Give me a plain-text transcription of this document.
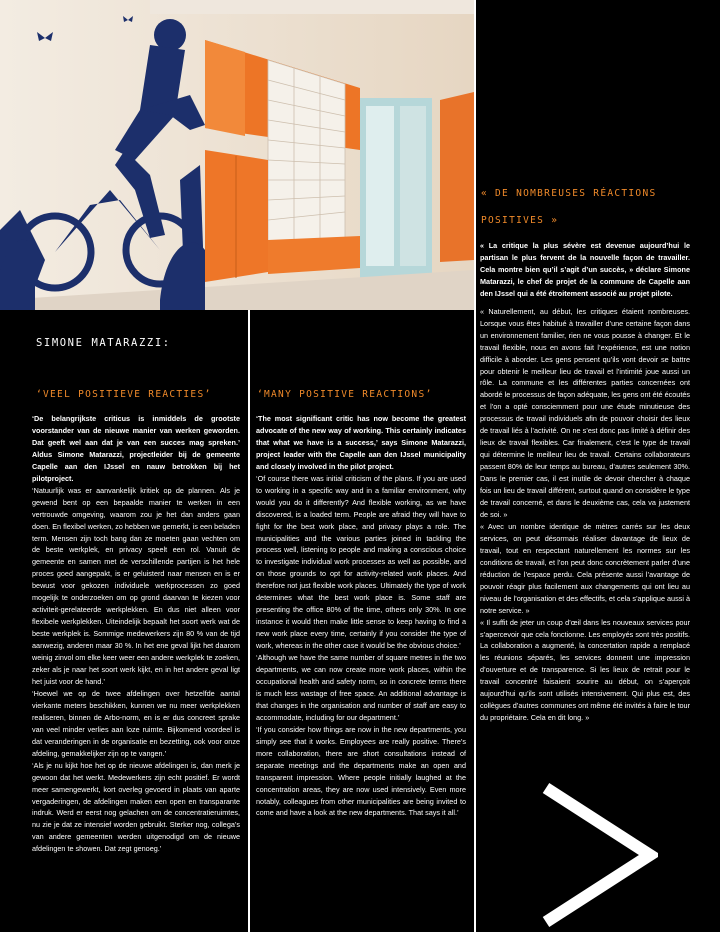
SIMONE MATARAZZI:
‘VEEL POSITIEVE REACTIES’

‘De belangrijkste criticus is inmiddels de grootste voorstander van de nieuwe manier van werken geworden. Dat geeft wel aan dat je van een succes mag spreken.’ Aldus Simone Matarazzi, projectleider bij de gemeente Capelle aan den IJssel en nauw betrokken bij het pilotproject.

‘Natuurlijk was er aanvankelijk kritiek op de plannen. Als je gewend bent op een bepaalde manier te werken in een vertrouwde omgeving, waarom zou je het dan anders gaan doen. En flexibel werken, zo hebben we gemerkt, is een beladen term. Mensen zijn toch bang dan ze moeten gaan vechten om de beste werkplek, en privacy speelt een rol. Vanuit de gemeente en samen met de verschillende partijen is het hele proces goed aangepakt, is er geluisterd naar mensen en is er bewust voor gekozen individuele werkprocessen zo goed mogelijk te onderzoeken om op grond daarvan te kiezen voor activiteit-gerelateerde werkplekken. En dus niet alleen voor flexibele werkplekken. Uiteindelijk bepaalt het soort werk wat de beste werkplek is. Sommige medewerkers zijn 80 % van de tijd aanwezig, anderen maar 30 %. In het ene geval lijkt het daarom weinig zinvol om elke keer weer een andere werkplek te zoeken, zeker als je naar het soort werk kijkt, en in het andere geval ligt het juist voor de hand.’

‘Hoewel we op de twee afdelingen over hetzelfde aantal vierkante meters beschikken, kunnen we nu meer werkplekken realiseren, binnen de Arbo-norm, en is er dus concreet sprake van veel minder verlies aan loze ruimte. Bijkomend voordeel is dat veranderingen in de organisatie en bezetting, ook voor onze afdeling, gemakkelijker zijn op te vangen.’

‘Als je nu kijkt hoe het op de nieuwe afdelingen is, dan merk je gewoon dat het werkt. Medewerkers zijn echt positief. Er wordt meer samengewerkt, kort overleg gevoerd in plaats van aparte vergaderingen, de afdelingen maken een open en transparante indruk. Werd er eerst nog gelachen om de concentratieruimtes, nu zie je dat ze intensief worden gebruikt. Sterker nog, collega’s van andere gemeenten werden uitgenodigd om de nieuwe afdelingen te showen. Dat zegt genoeg.’

‘MANY POSITIVE REACTIONS’

‘The most significant critic has now become the greatest advocate of the new way of working. This certainly indicates that what we have is a success,’ says Simone Matarazzi, project leader with the Capelle aan den IJssel municipality and closely involved in the pilot project.

‘Of course there was initial criticism of the plans. If you are used to working in a specific way and in a familiar environment, why would you do it differently? And flexible working, as we have discovered, is a loaded term. People are afraid they will have to fight for the best work place, and privacy plays a role. The municipalities and the various parties joined in tackling the process well, listening to people and making a conscious choice to investigate individual work processes as well as possible, and on those grounds to opt for activity-related work places. And therefore not just flexible work places. Ultimately the type of work determines what the best work place is. Some staff are presenting the office 80% of the time, others only 30%. In one instance it would then make little sense to keep having to find a new work place every time, certainly if you consider the type of work, whereas in the other case it would be the obvious choice.’

‘Although we have the same number of square metres in the two departments, we can now create more work places, within the occupational health and safety norm, so in concrete terms there is much less wastage of free space. An additional advantage is that changes in the organisation and number of staff are easy to accommodate, including for our department.’

‘If you consider how things are now in the new departments, you simply see that it works. Employees are really positive. There’s more collaboration, there are short consultations instead of separate meetings and the departments make an open and transparent impression. Where people initially laughed at the concentration areas, they are now used intensively. Even more notably, colleagues from other municipalities are being invited to come and have a look at the new departments. That says it all.’

« DE NOMBREUSES RÉACTIONS
POSITIVES »

« La critique la plus sévère est devenue aujourd’hui le partisan le plus fervent de la nouvelle façon de travailler. Cela montre bien qu’il s’agit d’un succès, » déclare Simone Matarazzi, le chef de projet de la commune de Capelle aan den IJssel qui a été étroitement associé au projet pilote.

« Naturellement, au début, les critiques étaient nombreuses. Lorsque vous êtes habitué à travailler d’une certaine façon dans un environnement familier, rien ne vous pousse à changer. Et le travail flexible, nous en avons fait l’expérience, est une notion difficile à aborder. Les gens pensent qu’ils vont devoir se battre pour obtenir le meilleur lieu de travail et l’intimité joue aussi un rôle. La commune et les différentes parties concernées ont abordé le processus de façon adéquate, les gens ont été écoutés et l’on a opté consciemment pour une étude minutieuse des processus de travail individuels afin de pouvoir choisir des lieux de travail liés à l’activité. On ne s’est donc pas limité à définir des lieux de travail flexibles. Car finalement, c’est le type de travail qui détermine le meilleur lieu de travail. Certains collaborateurs passent 80% de leur temps au bureau, d’autres seulement 30%. Dans le premier cas, il est inutile de devoir chercher à chaque fois un lieu de travail différent, surtout quand on considère le type de travail concerné, et dans le deuxième cas, cela va justement de soi. »

« Avec un nombre identique de mètres carrés sur les deux services, on peut désormais réaliser davantage de lieux de travail, tout en respectant naturellement les normes sur les conditions de travail, et l’on peut donc concrètement parler d’une réduction de l’espace perdu. Cela présente aussi l’avantage de pouvoir réagir plus facilement aux changements qui ont lieu au niveau de l’organisation et des effectifs, et cela s’applique aussi à notre service. »

« Il suffit de jeter un coup d’œil dans les nouveaux services pour s’apercevoir que cela fonctionne. Les employés sont très positifs. La collaboration a augmenté, la concertation rapide a remplacé les réunions séparés, les services donnent une impression d’ouverture et de transparence. Si les lieux de retrait pour le travail concentré faisaient sourire au début, on s’aperçoit aujourd’hui qu’ils sont utilisés intensivement. Qui plus est, des collègues d’autres communes ont même été invités à faire le tour du propriétaire. Cela en dit long. »
